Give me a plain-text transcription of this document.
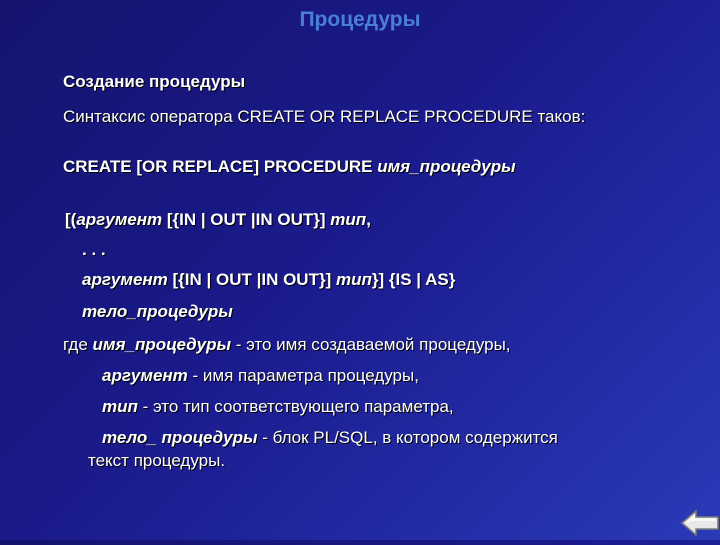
Процедуры
Создание процедуры
Синтаксис оператора CREATE OR REPLACE PROCEDURE таков:
CREATE [OR REPLACE] PROCEDURE имя_процедуры
[(аргумент [{IN | OUT |IN OUT}] тип,
. . .
аргумент [{IN | OUT |IN OUT}] тип}] {IS | AS}
тело_процедуры
где имя_процедуры - это имя создаваемой процедуры,
аргумент - имя параметра процедуры,
тип - это тип соответствующего параметра,
тело_ процедуры - блок PL/SQL, в котором содержится
текст процедуры.
